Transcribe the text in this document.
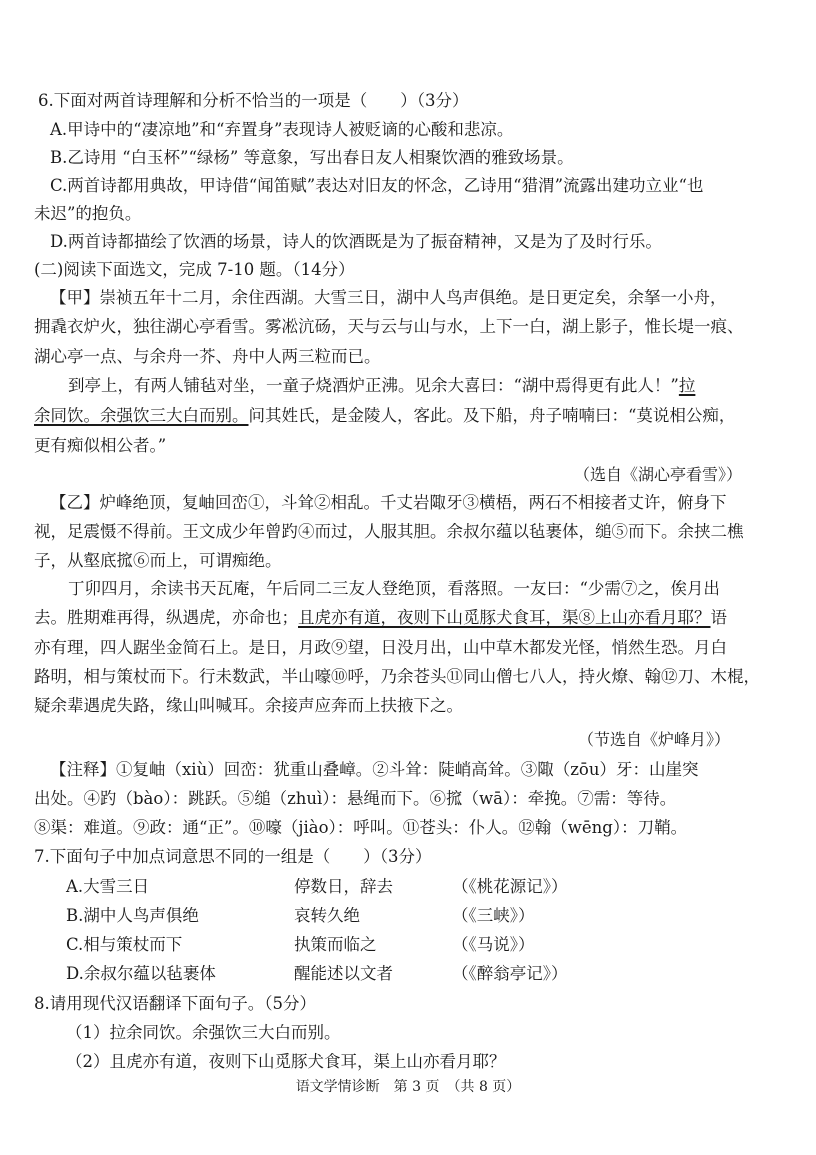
6.下面对两首诗理解和分析不恰当的一项是（　　）（3分）
A.甲诗中的“凄凉地”和“弃置身”表现诗人被贬谪的心酸和悲凉。
B.乙诗用 “白玉杯”“绿杨” 等意象，写出春日友人相聚饮酒的雅致场景。
C.两首诗都用典故，甲诗借“闻笛赋”表达对旧友的怀念，乙诗用“猎渭”流露出建功立业“也
未迟”的抱负。
D.两首诗都描绘了饮酒的场景，诗人的饮酒既是为了振奋精神，又是为了及时行乐。
(二)阅读下面选文，完成 7-10 题。（14分）
【甲】崇祯五年十二月，余住西湖。大雪三日，湖中人鸟声俱绝。是日更定矣，余拏一小舟，
拥毳衣炉火，独往湖心亭看雪。雾凇沆砀，天与云与山与水，上下一白，湖上影子，惟长堤一痕、
湖心亭一点、与余舟一芥、舟中人两三粒而已。
到亭上，有两人铺毡对坐，一童子烧酒炉正沸。见余大喜曰：“湖中焉得更有此人！”拉
余同饮。余强饮三大白而别。问其姓氏，是金陵人，客此。及下船，舟子喃喃曰：“莫说相公痴，
更有痴似相公者。”
（选自《湖心亭看雪》）
【乙】炉峰绝顶，复岫回峦①，斗耸②相乱。千丈岩陬牙③横梧，两石不相接者丈许，俯身下
视，足震慑不得前。王文成少年曾趵④而过，人服其胆。余叔尔蕴以毡裹体，缒⑤而下。余挟二樵
子，从壑底搲⑥而上，可谓痴绝。
丁卯四月，余读书天瓦庵，午后同二三友人登绝顶，看落照。一友曰：“少需⑦之，俟月出
去。胜期难再得，纵遇虎，亦命也；且虎亦有道，夜则下山觅豚犬食耳，渠⑧上山亦看月耶？语
亦有理，四人踞坐金简石上。是日，月政⑨望，日没月出，山中草木都发光怪，悄然生恐。月白
路明，相与策杖而下。行未数武，半山嚎⑩呼，乃余苍头⑪同山僧七八人，持火燎、翰⑫刀、木棍，
疑余辈遇虎失路，缘山叫喊耳。余接声应奔而上扶掖下之。
（节选自《炉峰月》）
【注释】①复岫（xiù）回峦：犹重山叠嶂。②斗耸：陡峭高耸。③陬（zōu）牙：山崖突
出处。④趵（bào）：跳跃。⑤缒（zhuì）：悬绳而下。⑥搲（wā）：牵挽。⑦需：等待。
⑧渠：难道。⑨政：通“正”。⑩嚎（jiào）：呼叫。⑪苍头：仆人。⑫翰（wēng）：刀鞘。
7.下面句子中加点词意思不同的一组是（　　）（3分）
A.大雪三日	停数日，辞去	（《桃花源记》）
B.湖中人鸟声俱绝	哀转久绝	（《三峡》）
C.相与策杖而下	执策而临之	（《马说》）
D.余叔尔蕴以毡裹体	醒能述以文者	（《醉翁亭记》）
8.请用现代汉语翻译下面句子。（5分）
（1）拉余同饮。余强饮三大白而别。
（2）且虎亦有道，夜则下山觅豚犬食耳，渠上山亦看月耶？
语文学情诊断　第 3 页　（共 8 页）
